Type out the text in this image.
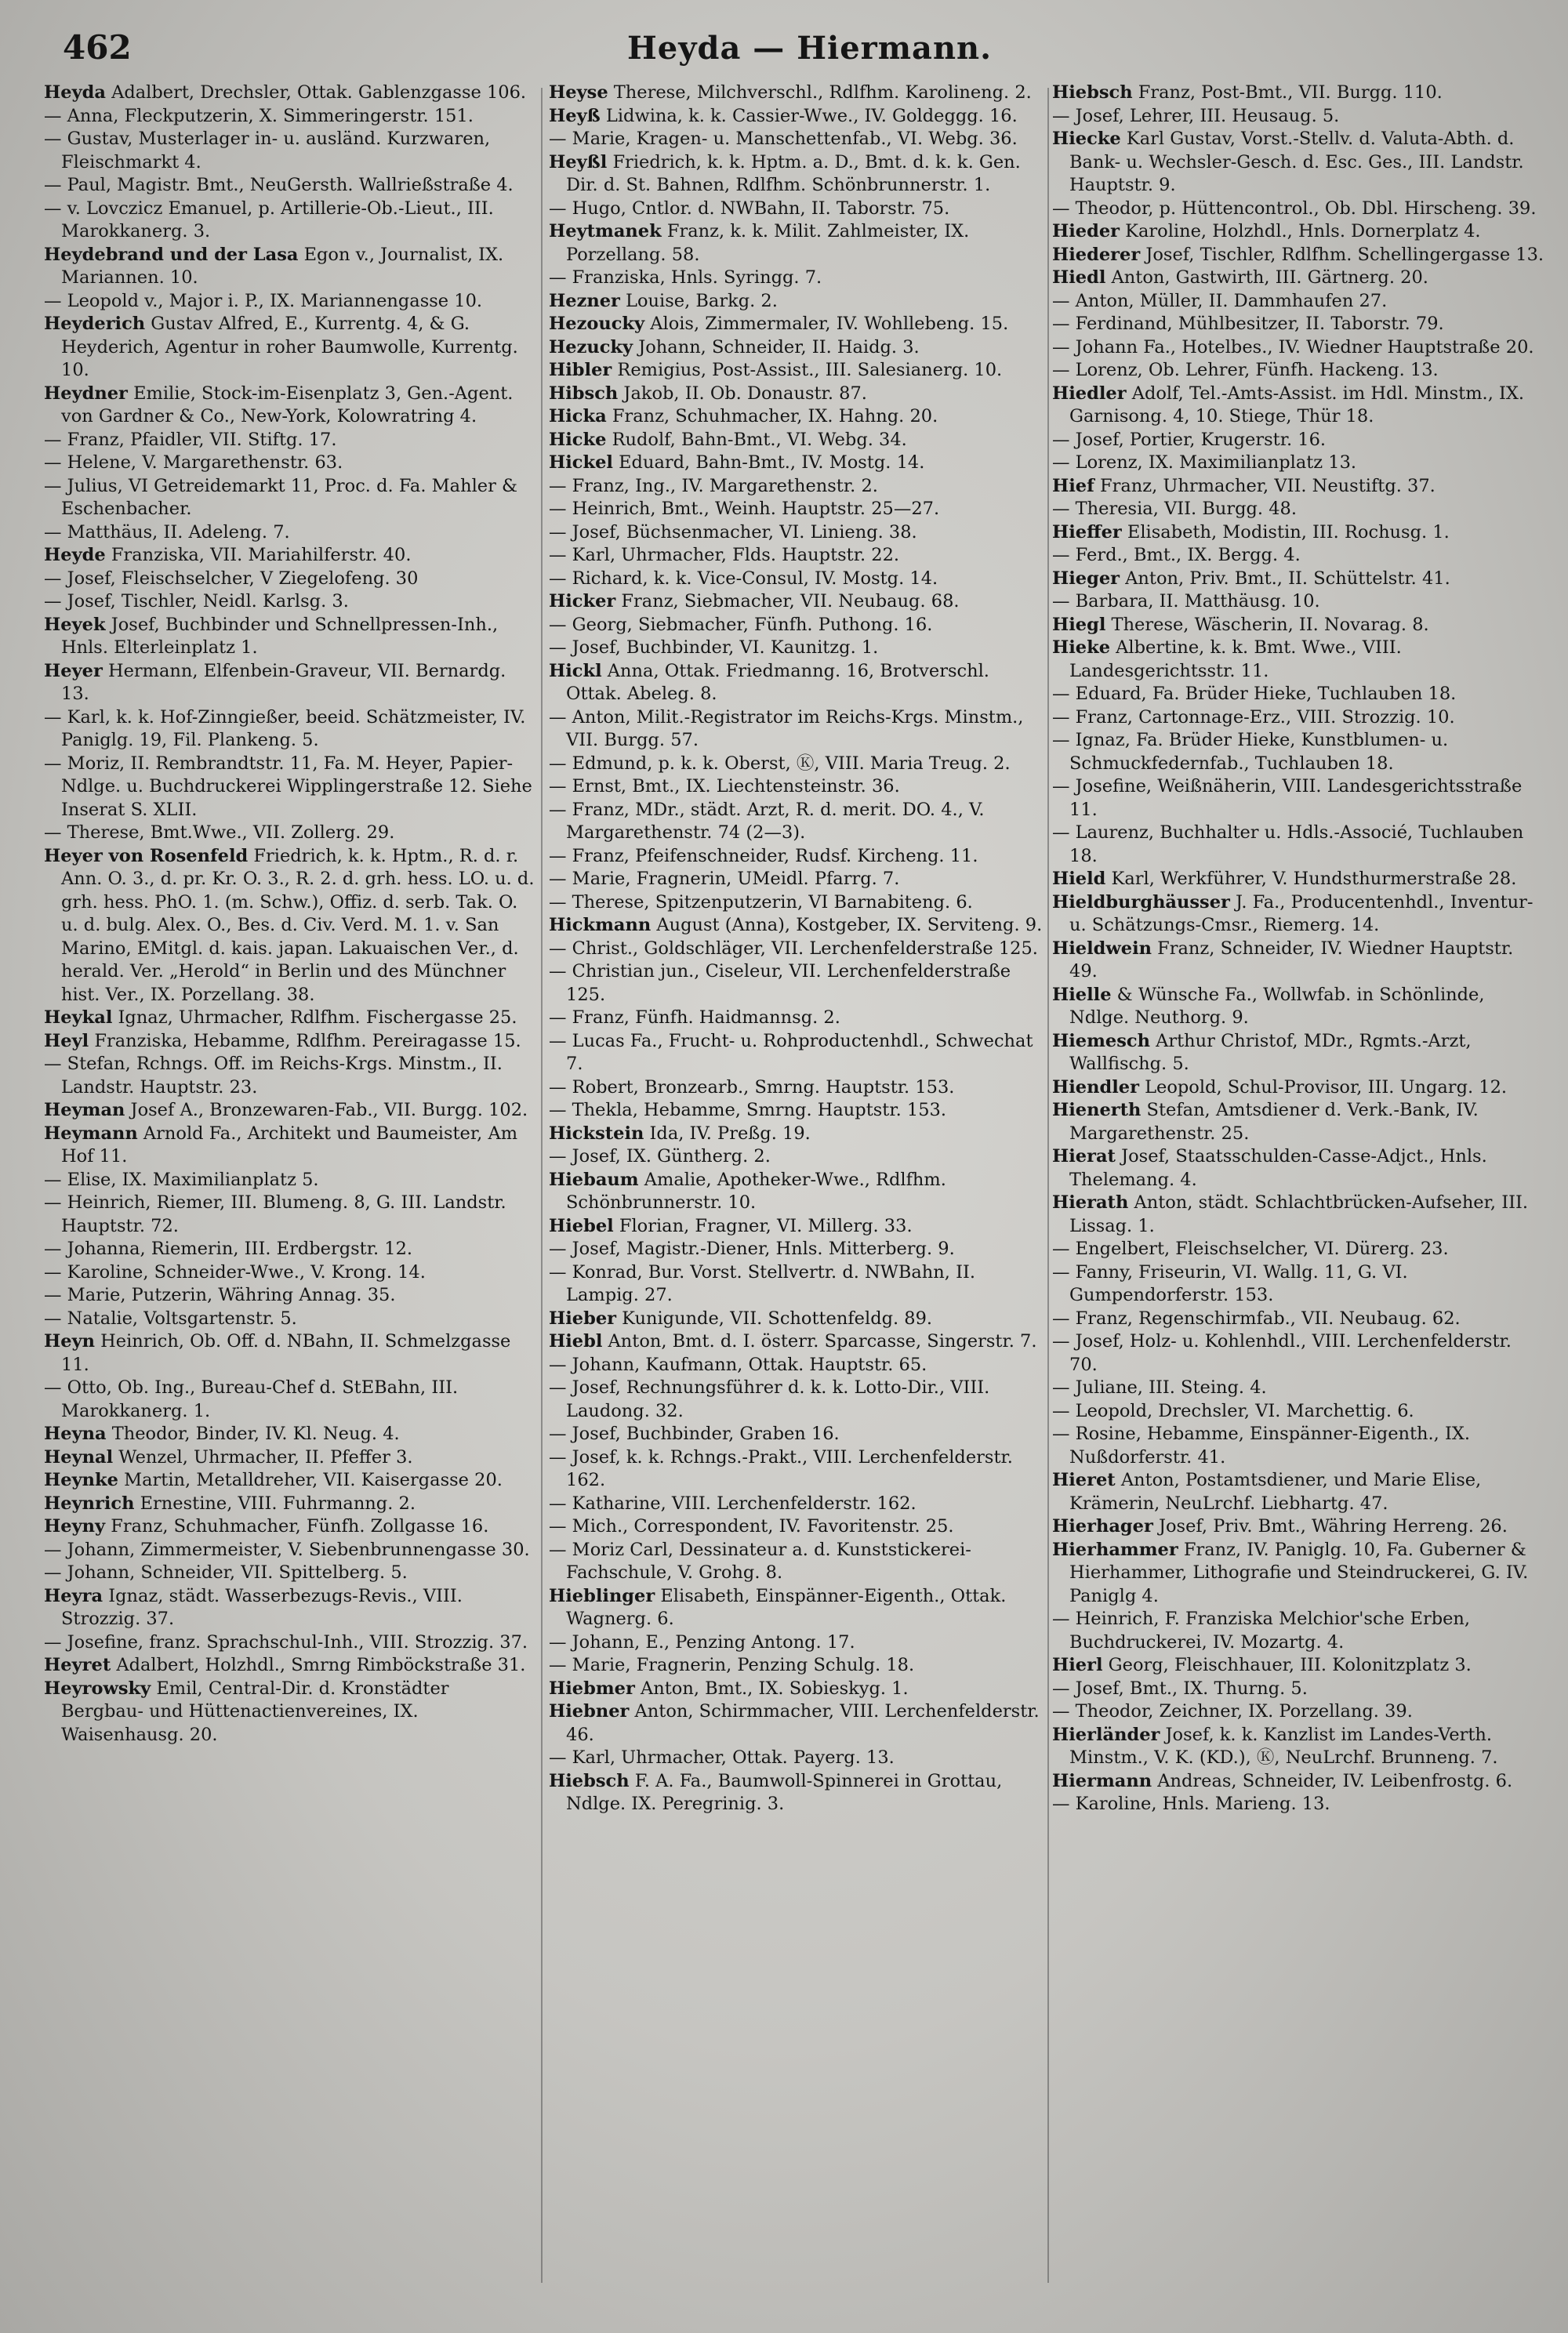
462	Heyda — Hiermann.
Heyda Adalbert, Drechsler, Ottak. Gablenzgasse 106.
— Anna, Fleckputzerin, X. Simmeringerstr. 151.
— Gustav, Musterlager in- u. ausländ. Kurzwaren, Fleischmarkt 4.
— Paul, Magistr. Bmt., NeuGersth. Wallrießstraße 4.
— v. Lovczicz Emanuel, p. Artillerie-Ob.-Lieut., III. Marokkanerg. 3.
Heydebrand und der Lasa Egon v., Journalist, IX. Mariannen. 10.
— Leopold v., Major i. P., IX. Mariannengasse 10.
Heyderich Gustav Alfred, E., Kurrentg. 4, & G. Heyderich, Agentur in roher Baumwolle, Kurrentg. 10.
Heydner Emilie, Stock-im-Eisenplatz 3, Gen.-Agent. von Gardner & Co., New-York, Kolowratring 4.
— Franz, Pfaidler, VII. Stiftg. 17.
— Helene, V. Margarethenstr. 63.
— Julius, VI Getreidemarkt 11, Proc. d. Fa. Mahler & Eschenbacher.
— Matthäus, II. Adeleng. 7.
Heyde Franziska, VII. Mariahilferstr. 40.
— Josef, Fleischselcher, V Ziegelofeng. 30
— Josef, Tischler, Neidl. Karlsg. 3.
Heyek Josef, Buchbinder und Schnellpressen-Inh., Hnls. Elterleinplatz 1.
Heyer Hermann, Elfenbein-Graveur, VII. Bernardg. 13.
— Karl, k. k. Hof-Zinngießer, beeid. Schätzmeister, IV. Paniglg. 19, Fil. Plankeng. 5.
— Moriz, II. Rembrandtstr. 11, Fa. M. Heyer, Papier-Ndlge. u. Buchdruckerei Wipplingerstraße 12. Siehe Inserat S. XLII.
— Therese, Bmt.Wwe., VII. Zollerg. 29.
Heyer von Rosenfeld Friedrich, k. k. Hptm., R. d. r. Ann. O. 3., d. pr. Kr. O. 3., R. 2. d. grh. hess. LO. u. d. grh. hess. PhO. 1. (m. Schw.), Offiz. d. serb. Tak. O. u. d. bulg. Alex. O., Bes. d. Civ. Verd. M. 1. v. San Marino, EMitgl. d. kais. japan. Lakuaischen Ver., d. herald. Ver. „Herold“ in Berlin und des Münchner hist. Ver., IX. Porzellang. 38.
Heykal Ignaz, Uhrmacher, Rdlfhm. Fischergasse 25.
Heyl Franziska, Hebamme, Rdlfhm. Pereiragasse 15.
— Stefan, Rchngs. Off. im Reichs-Krgs. Minstm., II. Landstr. Hauptstr. 23.
Heyman Josef A., Bronzewaren-Fab., VII. Burgg. 102.
Heymann Arnold Fa., Architekt und Baumeister, Am Hof 11.
— Elise, IX. Maximilianplatz 5.
— Heinrich, Riemer, III. Blumeng. 8, G. III. Landstr. Hauptstr. 72.
— Johanna, Riemerin, III. Erdbergstr. 12.
— Karoline, Schneider-Wwe., V. Krong. 14.
— Marie, Putzerin, Währing Annag. 35.
— Natalie, Voltsgartenstr. 5.
Heyn Heinrich, Ob. Off. d. NBahn, II. Schmelzgasse 11.
— Otto, Ob. Ing., Bureau-Chef d. StEBahn, III. Marokkanerg. 1.
Heyna Theodor, Binder, IV. Kl. Neug. 4.
Heynal Wenzel, Uhrmacher, II. Pfeffer 3.
Heynke Martin, Metalldreher, VII. Kaisergasse 20.
Heynrich Ernestine, VIII. Fuhrmanng. 2.
Heyny Franz, Schuhmacher, Fünfh. Zollgasse 16.
— Johann, Zimmermeister, V. Siebenbrunnengasse 30.
— Johann, Schneider, VII. Spittelberg. 5.
Heyra Ignaz, städt. Wasserbezugs-Revis., VIII. Strozzig. 37.
— Josefine, franz. Sprachschul-Inh., VIII. Strozzig. 37.
Heyret Adalbert, Holzhdl., Smrng Rimböckstraße 31.
Heyrowsky Emil, Central-Dir. d. Kronstädter Bergbau- und Hüttenactienvereines, IX. Waisenhausg. 20.
Heyse Therese, Milchverschl., Rdlfhm. Karolineng. 2.
Heyß Lidwina, k. k. Cassier-Wwe., IV. Goldeggg. 16.
— Marie, Kragen- u. Manschettenfab., VI. Webg. 36.
Heyßl Friedrich, k. k. Hptm. a. D., Bmt. d. k. k. Gen. Dir. d. St. Bahnen, Rdlfhm. Schönbrunnerstr. 1.
— Hugo, Cntlor. d. NWBahn, II. Taborstr. 75.
Heytmanek Franz, k. k. Milit. Zahlmeister, IX. Porzellang. 58.
— Franziska, Hnls. Syringg. 7.
Hezner Louise, Barkg. 2.
Hezoucky Alois, Zimmermaler, IV. Wohllebeng. 15.
Hezucky Johann, Schneider, II. Haidg. 3.
Hibler Remigius, Post-Assist., III. Salesianerg. 10.
Hibsch Jakob, II. Ob. Donaustr. 87.
Hicka Franz, Schuhmacher, IX. Hahng. 20.
Hicke Rudolf, Bahn-Bmt., VI. Webg. 34.
Hickel Eduard, Bahn-Bmt., IV. Mostg. 14.
— Franz, Ing., IV. Margarethenstr. 2.
— Heinrich, Bmt., Weinh. Hauptstr. 25—27.
— Josef, Büchsenmacher, VI. Linieng. 38.
— Karl, Uhrmacher, Flds. Hauptstr. 22.
— Richard, k. k. Vice-Consul, IV. Mostg. 14.
Hicker Franz, Siebmacher, VII. Neubaug. 68.
— Georg, Siebmacher, Fünfh. Puthong. 16.
— Josef, Buchbinder, VI. Kaunitzg. 1.
Hickl Anna, Ottak. Friedmanng. 16, Brotverschl. Ottak. Abeleg. 8.
— Anton, Milit.-Registrator im Reichs-Krgs. Minstm., VII. Burgg. 57.
— Edmund, p. k. k. Oberst, Ⓚ, VIII. Maria Treug. 2.
— Ernst, Bmt., IX. Liechtensteinstr. 36.
— Franz, MDr., städt. Arzt, R. d. merit. DO. 4., V. Margarethenstr. 74 (2—3).
— Franz, Pfeifenschneider, Rudsf. Kircheng. 11.
— Marie, Fragnerin, UMeidl. Pfarrg. 7.
— Therese, Spitzenputzerin, VI Barnabiteng. 6.
Hickmann August (Anna), Kostgeber, IX. Serviteng. 9.
— Christ., Goldschläger, VII. Lerchenfelderstraße 125.
— Christian jun., Ciseleur, VII. Lerchenfelderstraße 125.
— Franz, Fünfh. Haidmannsg. 2.
— Lucas Fa., Frucht- u. Rohproductenhdl., Schwechat 7.
— Robert, Bronzearb., Smrng. Hauptstr. 153.
— Thekla, Hebamme, Smrng. Hauptstr. 153.
Hickstein Ida, IV. Preßg. 19.
— Josef, IX. Güntherg. 2.
Hiebaum Amalie, Apotheker-Wwe., Rdlfhm. Schönbrunnerstr. 10.
Hiebel Florian, Fragner, VI. Millerg. 33.
— Josef, Magistr.-Diener, Hnls. Mitterberg. 9.
— Konrad, Bur. Vorst. Stellvertr. d. NWBahn, II. Lampig. 27.
Hieber Kunigunde, VII. Schottenfeldg. 89.
Hiebl Anton, Bmt. d. I. österr. Sparcasse, Singerstr. 7.
— Johann, Kaufmann, Ottak. Hauptstr. 65.
— Josef, Rechnungsführer d. k. k. Lotto-Dir., VIII. Laudong. 32.
— Josef, Buchbinder, Graben 16.
— Josef, k. k. Rchngs.-Prakt., VIII. Lerchenfelderstr. 162.
— Katharine, VIII. Lerchenfelderstr. 162.
— Mich., Correspondent, IV. Favoritenstr. 25.
— Moriz Carl, Dessinateur a. d. Kunststickerei-Fachschule, V. Grohg. 8.
Hieblinger Elisabeth, Einspänner-Eigenth., Ottak. Wagnerg. 6.
— Johann, E., Penzing Antong. 17.
— Marie, Fragnerin, Penzing Schulg. 18.
Hiebmer Anton, Bmt., IX. Sobieskyg. 1.
Hiebner Anton, Schirmmacher, VIII. Lerchenfelderstr. 46.
— Karl, Uhrmacher, Ottak. Payerg. 13.
Hiebsch F. A. Fa., Baumwoll-Spinnerei in Grottau, Ndlge. IX. Peregrinig. 3.
Hiebsch Franz, Post-Bmt., VII. Burgg. 110.
— Josef, Lehrer, III. Heusaug. 5.
Hiecke Karl Gustav, Vorst.-Stellv. d. Valuta-Abth. d. Bank- u. Wechsler-Gesch. d. Esc. Ges., III. Landstr. Hauptstr. 9.
— Theodor, p. Hüttencontrol., Ob. Dbl. Hirscheng. 39.
Hieder Karoline, Holzhdl., Hnls. Dornerplatz 4.
Hiederer Josef, Tischler, Rdlfhm. Schellingergasse 13.
Hiedl Anton, Gastwirth, III. Gärtnerg. 20.
— Anton, Müller, II. Dammhaufen 27.
— Ferdinand, Mühlbesitzer, II. Taborstr. 79.
— Johann Fa., Hotelbes., IV. Wiedner Hauptstraße 20.
— Lorenz, Ob. Lehrer, Fünfh. Hackeng. 13.
Hiedler Adolf, Tel.-Amts-Assist. im Hdl. Minstm., IX. Garnisong. 4, 10. Stiege, Thür 18.
— Josef, Portier, Krugerstr. 16.
— Lorenz, IX. Maximilianplatz 13.
Hief Franz, Uhrmacher, VII. Neustiftg. 37.
— Theresia, VII. Burgg. 48.
Hieffer Elisabeth, Modistin, III. Rochusg. 1.
— Ferd., Bmt., IX. Bergg. 4.
Hieger Anton, Priv. Bmt., II. Schüttelstr. 41.
— Barbara, II. Matthäusg. 10.
Hiegl Therese, Wäscherin, II. Novarag. 8.
Hieke Albertine, k. k. Bmt. Wwe., VIII. Landesgerichtsstr. 11.
— Eduard, Fa. Brüder Hieke, Tuchlauben 18.
— Franz, Cartonnage-Erz., VIII. Strozzig. 10.
— Ignaz, Fa. Brüder Hieke, Kunstblumen- u. Schmuckfedernfab., Tuchlauben 18.
— Josefine, Weißnäherin, VIII. Landesgerichtsstraße 11.
— Laurenz, Buchhalter u. Hdls.-Associé, Tuchlauben 18.
Hield Karl, Werkführer, V. Hundsthurmerstraße 28.
Hieldburghäusser J. Fa., Producentenhdl., Inventur- u. Schätzungs-Cmsr., Riemerg. 14.
Hieldwein Franz, Schneider, IV. Wiedner Hauptstr. 49.
Hielle & Wünsche Fa., Wollwfab. in Schönlinde, Ndlge. Neuthorg. 9.
Hiemesch Arthur Christof, MDr., Rgmts.-Arzt, Wallfischg. 5.
Hiendler Leopold, Schul-Provisor, III. Ungarg. 12.
Hienerth Stefan, Amtsdiener d. Verk.-Bank, IV. Margarethenstr. 25.
Hierat Josef, Staatsschulden-Casse-Adjct., Hnls. Thelemang. 4.
Hierath Anton, städt. Schlachtbrücken-Aufseher, III. Lissag. 1.
— Engelbert, Fleischselcher, VI. Dürerg. 23.
— Fanny, Friseurin, VI. Wallg. 11, G. VI. Gumpendorferstr. 153.
— Franz, Regenschirmfab., VII. Neubaug. 62.
— Josef, Holz- u. Kohlenhdl., VIII. Lerchenfelderstr. 70.
— Juliane, III. Steing. 4.
— Leopold, Drechsler, VI. Marchettig. 6.
— Rosine, Hebamme, Einspänner-Eigenth., IX. Nußdorferstr. 41.
Hieret Anton, Postamtsdiener, und Marie Elise, Krämerin, NeuLrchf. Liebhartg. 47.
Hierhager Josef, Priv. Bmt., Währing Herreng. 26.
Hierhammer Franz, IV. Paniglg. 10, Fa. Guberner & Hierhammer, Lithografie und Steindruckerei, G. IV. Paniglg 4.
— Heinrich, F. Franziska Melchior'sche Erben, Buchdruckerei, IV. Mozartg. 4.
Hierl Georg, Fleischhauer, III. Kolonitzplatz 3.
— Josef, Bmt., IX. Thurng. 5.
— Theodor, Zeichner, IX. Porzellang. 39.
Hierländer Josef, k. k. Kanzlist im Landes-Verth. Minstm., V. K. (KD.), Ⓚ, NeuLrchf. Brunneng. 7.
Hiermann Andreas, Schneider, IV. Leibenfrostg. 6.
— Karoline, Hnls. Marieng. 13.
